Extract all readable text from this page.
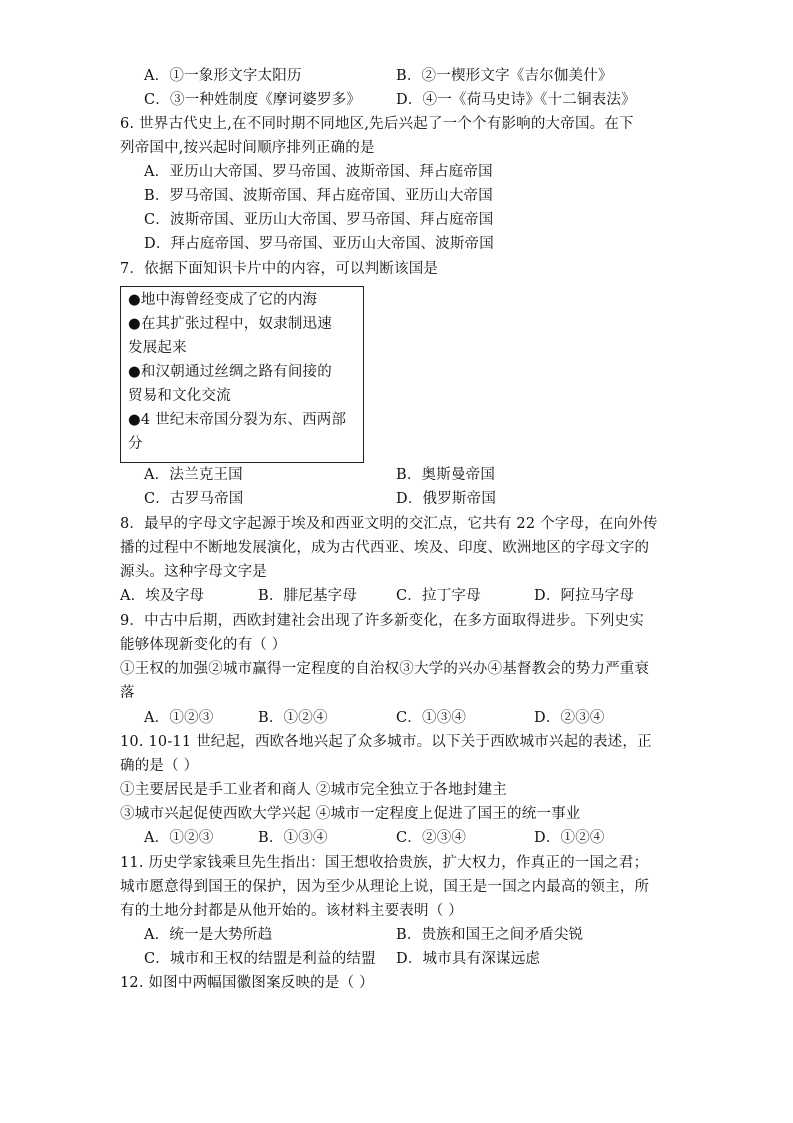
A．①一象形文字太阳历	B．②一楔形文字《吉尔伽美什》
C．③一种姓制度《摩诃婆罗多》 D．④一《荷马史诗》《十二铜表法》
6. 世界古代史上,在不同时期不同地区,先后兴起了一个个有影响的大帝国。在下
列帝国中,按兴起时间顺序排列正确的是
A．亚历山大帝国、罗马帝国、波斯帝国、拜占庭帝国
B．罗马帝国、波斯帝国、拜占庭帝国、亚历山大帝国
C．波斯帝国、亚历山大帝国、罗马帝国、拜占庭帝国
D．拜占庭帝国、罗马帝国、亚历山大帝国、波斯帝国
7．依据下面知识卡片中的内容，可以判断该国是
●地中海曾经变成了它的内海
●在其扩张过程中，奴隶制迅速
发展起来
●和汉朝通过丝绸之路有间接的
贸易和文化交流
●4 世纪末帝国分裂为东、西两部
分
A．法兰克王国	B．奥斯曼帝国
C．古罗马帝国	D．俄罗斯帝国
8．最早的字母文字起源于埃及和西亚文明的交汇点，它共有 22 个字母，在向外传
播的过程中不断地发展演化，成为古代西亚、埃及、印度、欧洲地区的字母文字的
源头。这种字母文字是
A．埃及字母	B．腓尼基字母	C．拉丁字母	D．阿拉马字母
9．中古中后期，西欧封建社会出现了许多新变化，在多方面取得进步。下列史实
能够体现新变化的有（ ）
①王权的加强②城市赢得一定程度的自治权③大学的兴办④基督教会的势力严重衰
落
A．①②③	B．①②④	C．①③④	D．②③④
10. 10-11 世纪起，西欧各地兴起了众多城市。以下关于西欧城市兴起的表述，正
确的是（ ）
①主要居民是手工业者和商人 ②城市完全独立于各地封建主
③城市兴起促使西欧大学兴起 ④城市一定程度上促进了国王的统一事业
A．①②③	B．①③④	C．②③④	D．①②④
11. 历史学家钱乘旦先生指出：国王想收拾贵族，扩大权力，作真正的一国之君；
城市愿意得到国王的保护，因为至少从理论上说，国王是一国之内最高的领主，所
有的土地分封都是从他开始的。该材料主要表明（ ）
A．统一是大势所趋	B．贵族和国王之间矛盾尖锐
C．城市和王权的结盟是利益的结盟 D．城市具有深谋远虑
12. 如图中两幅国徽图案反映的是（ ）
